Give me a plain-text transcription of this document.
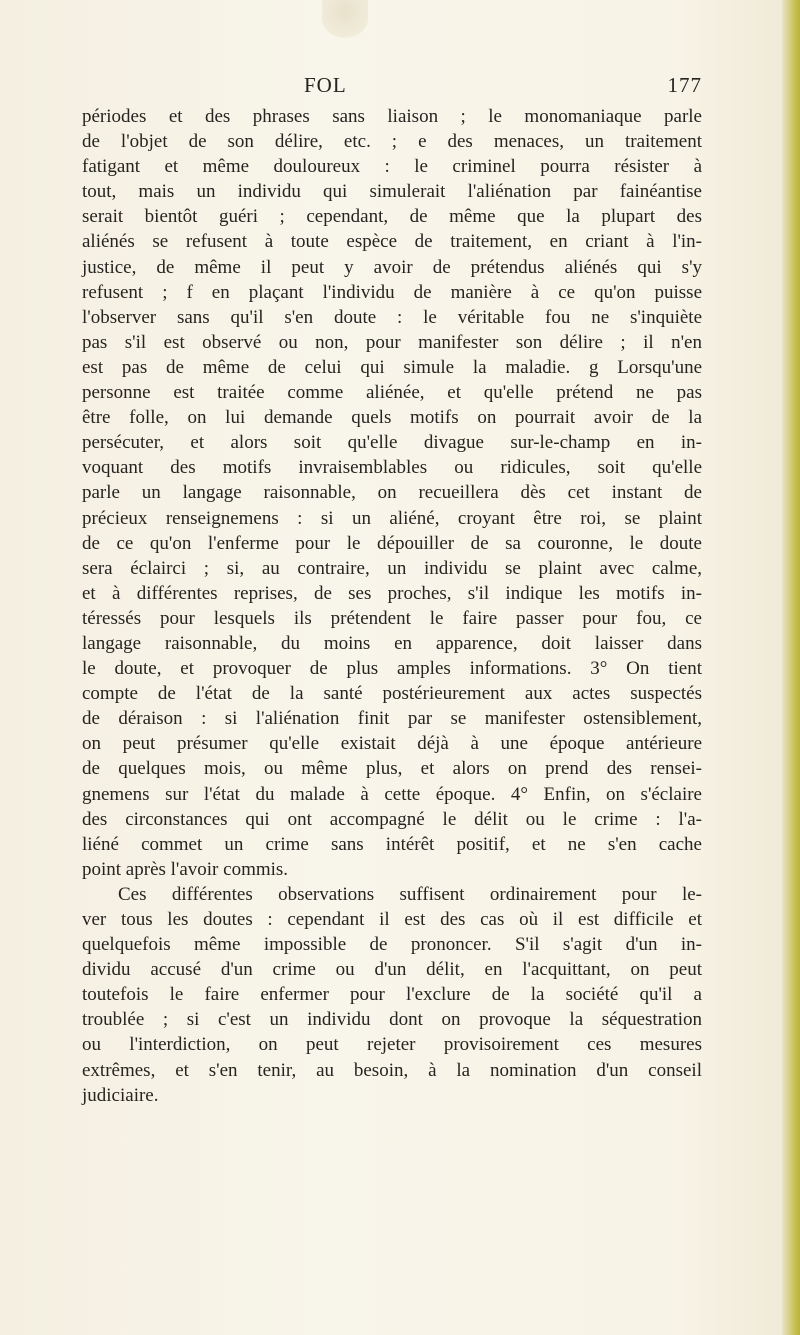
FOL	177
périodes et des phrases sans liaison ; le monomaniaque parle
de l'objet de son délire, etc. ; e des menaces, un traitement
fatigant et même douloureux : le criminel pourra résister à
tout, mais un individu qui simulerait l'aliénation par fainéantise
serait bientôt guéri ; cependant, de même que la plupart des
aliénés se refusent à toute espèce de traitement, en criant à l'in-
justice, de même il peut y avoir de prétendus aliénés qui s'y
refusent ; f en plaçant l'individu de manière à ce qu'on puisse
l'observer sans qu'il s'en doute : le véritable fou ne s'inquiète
pas s'il est observé ou non, pour manifester son délire ; il n'en
est pas de même de celui qui simule la maladie. g Lorsqu'une
personne est traitée comme aliénée, et qu'elle prétend ne pas
être folle, on lui demande quels motifs on pourrait avoir de la
persécuter, et alors soit qu'elle divague sur-le-champ en in-
voquant des motifs invraisemblables ou ridicules, soit qu'elle
parle un langage raisonnable, on recueillera dès cet instant de
précieux renseignemens : si un aliéné, croyant être roi, se plaint
de ce qu'on l'enferme pour le dépouiller de sa couronne, le doute
sera éclairci ; si, au contraire, un individu se plaint avec calme,
et à différentes reprises, de ses proches, s'il indique les motifs in-
téressés pour lesquels ils prétendent le faire passer pour fou, ce
langage raisonnable, du moins en apparence, doit laisser dans
le doute, et provoquer de plus amples informations. 3° On tient
compte de l'état de la santé postérieurement aux actes suspectés
de déraison : si l'aliénation finit par se manifester ostensiblement,
on peut présumer qu'elle existait déjà à une époque antérieure
de quelques mois, ou même plus, et alors on prend des rensei-
gnemens sur l'état du malade à cette époque. 4° Enfin, on s'éclaire
des circonstances qui ont accompagné le délit ou le crime : l'a-
liéné commet un crime sans intérêt positif, et ne s'en cache
point après l'avoir commis.
Ces différentes observations suffisent ordinairement pour le-
ver tous les doutes : cependant il est des cas où il est difficile et
quelquefois même impossible de prononcer. S'il s'agit d'un in-
dividu accusé d'un crime ou d'un délit, en l'acquittant, on peut
toutefois le faire enfermer pour l'exclure de la société qu'il a
troublée ; si c'est un individu dont on provoque la séquestration
ou l'interdiction, on peut rejeter provisoirement ces mesures
extrêmes, et s'en tenir, au besoin, à la nomination d'un conseil
judiciaire.
